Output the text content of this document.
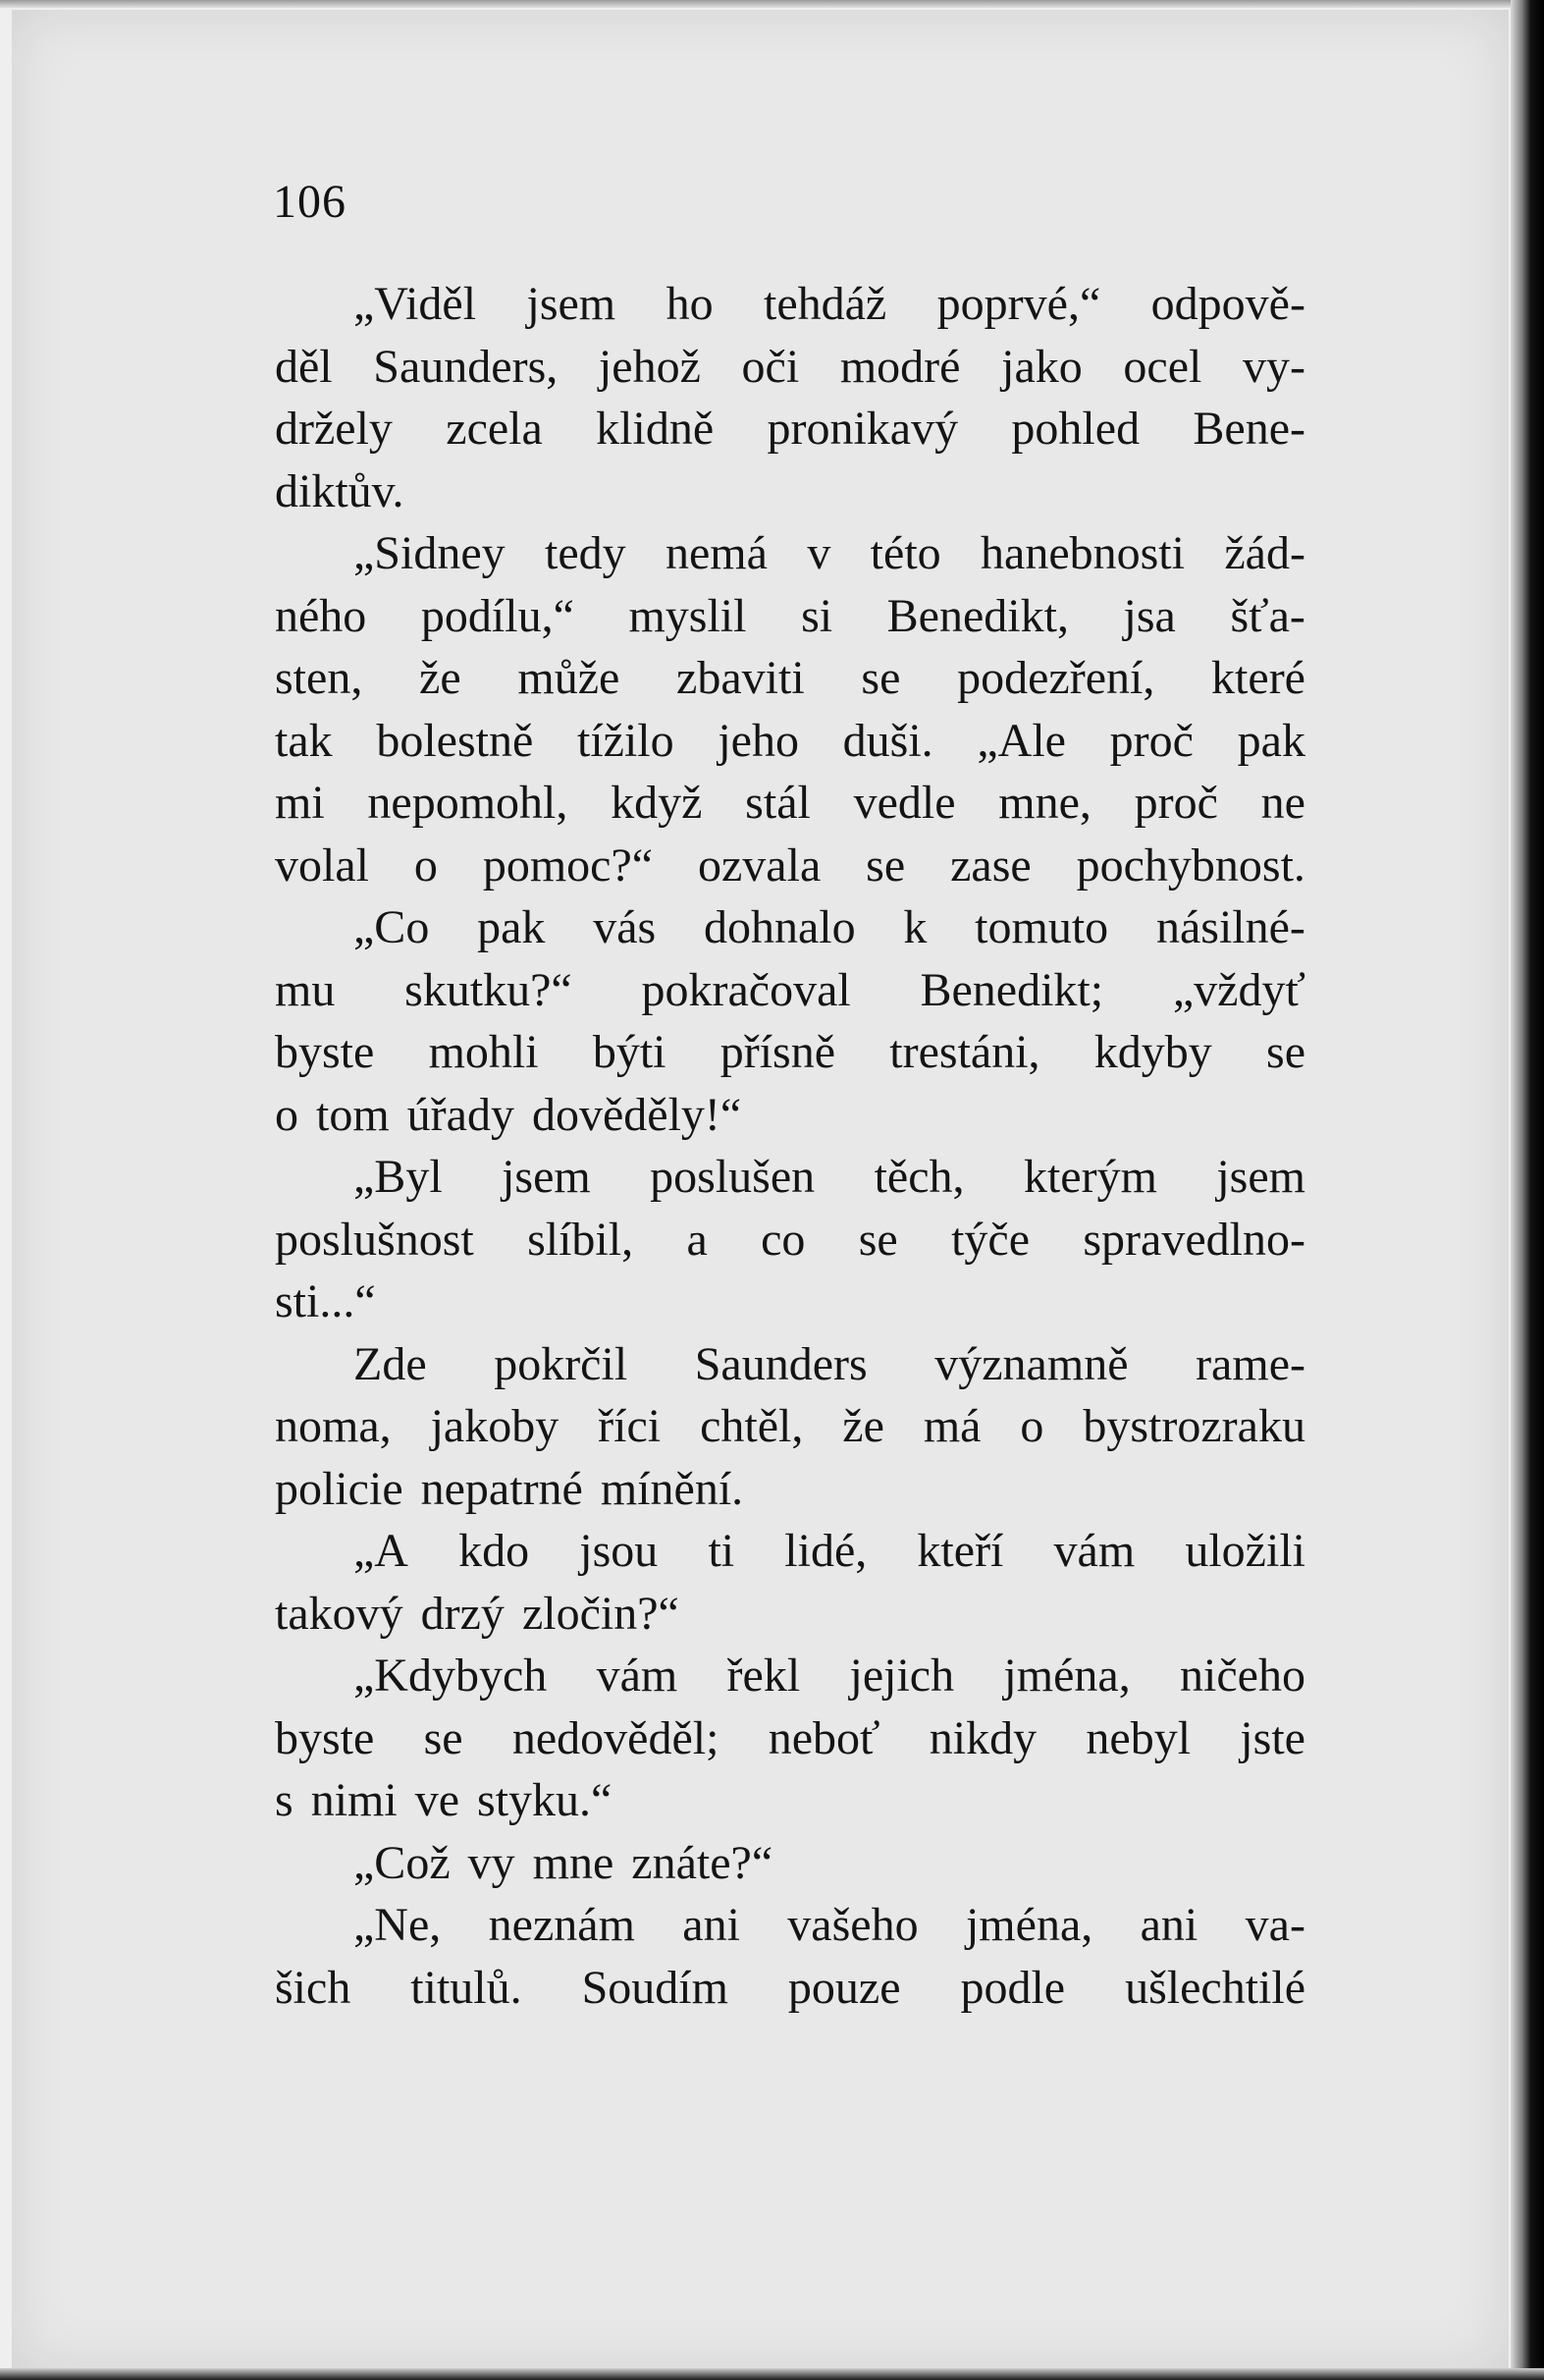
106
„Viděl jsem ho tehdáž poprvé,“ odpově-
děl Saunders, jehož oči modré jako ocel vy-
držely zcela klidně pronikavý pohled Bene-
diktův.
„Sidney tedy nemá v této hanebnosti žád-
ného podílu,“ myslil si Benedikt, jsa šťa-
sten, že může zbaviti se podezření, které
tak bolestně tížilo jeho duši. „Ale proč pak
mi nepomohl, když stál vedle mne, proč ne
volal o pomoc?“ ozvala se zase pochybnost.
„Co pak vás dohnalo k tomuto násilné-
mu skutku?“ pokračoval Benedikt; „vždyť
byste mohli býti přísně trestáni, kdyby se
o tom úřady dověděly!“
„Byl jsem poslušen těch, kterým jsem
poslušnost slíbil, a co se týče spravedlno-
sti...“
Zde pokrčil Saunders významně rame-
noma, jakoby říci chtěl, že má o bystrozraku
policie nepatrné mínění.
„A kdo jsou ti lidé, kteří vám uložili
takový drzý zločin?“
„Kdybych vám řekl jejich jména, ničeho
byste se nedověděl; neboť nikdy nebyl jste
s nimi ve styku.“
„Což vy mne znáte?“
„Ne, neznám ani vašeho jména, ani va-
šich titulů. Soudím pouze podle ušlechtilé
